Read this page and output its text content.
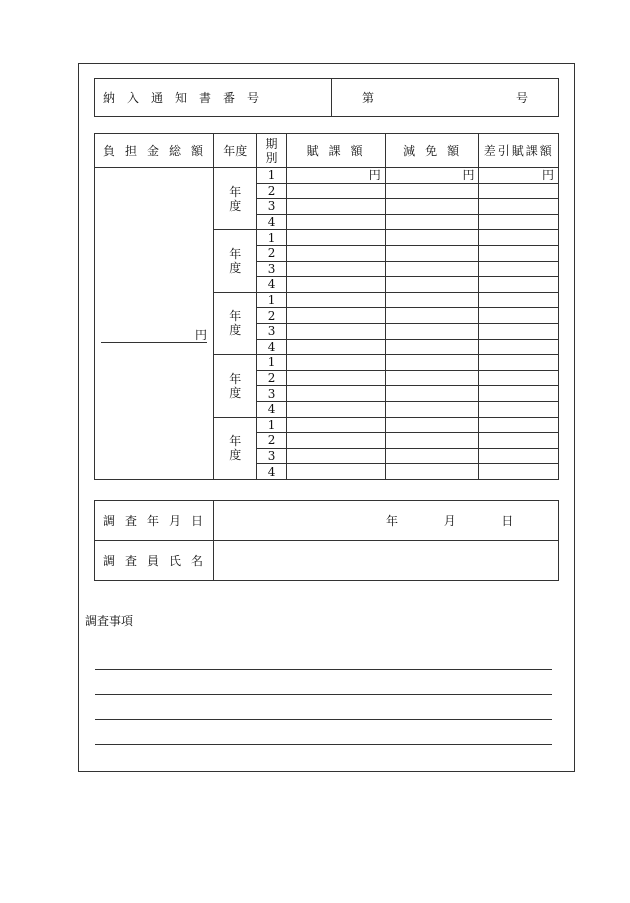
納入通知書番号	第	号
負担金総額	年度	期別	賦課額	減免額	差引賦課額

円	年度	1	円	円	円
		2			
		3			
		4			
	年度	1			
		2			
		3			
		4			
	年度	1			
		2			
		3			
		4			
	年度	1			
		2			
		3			
		4			
	年度	1			
		2			
		3			
		4			
調査年月日	年 月 日
調査員氏名	
調査事項
